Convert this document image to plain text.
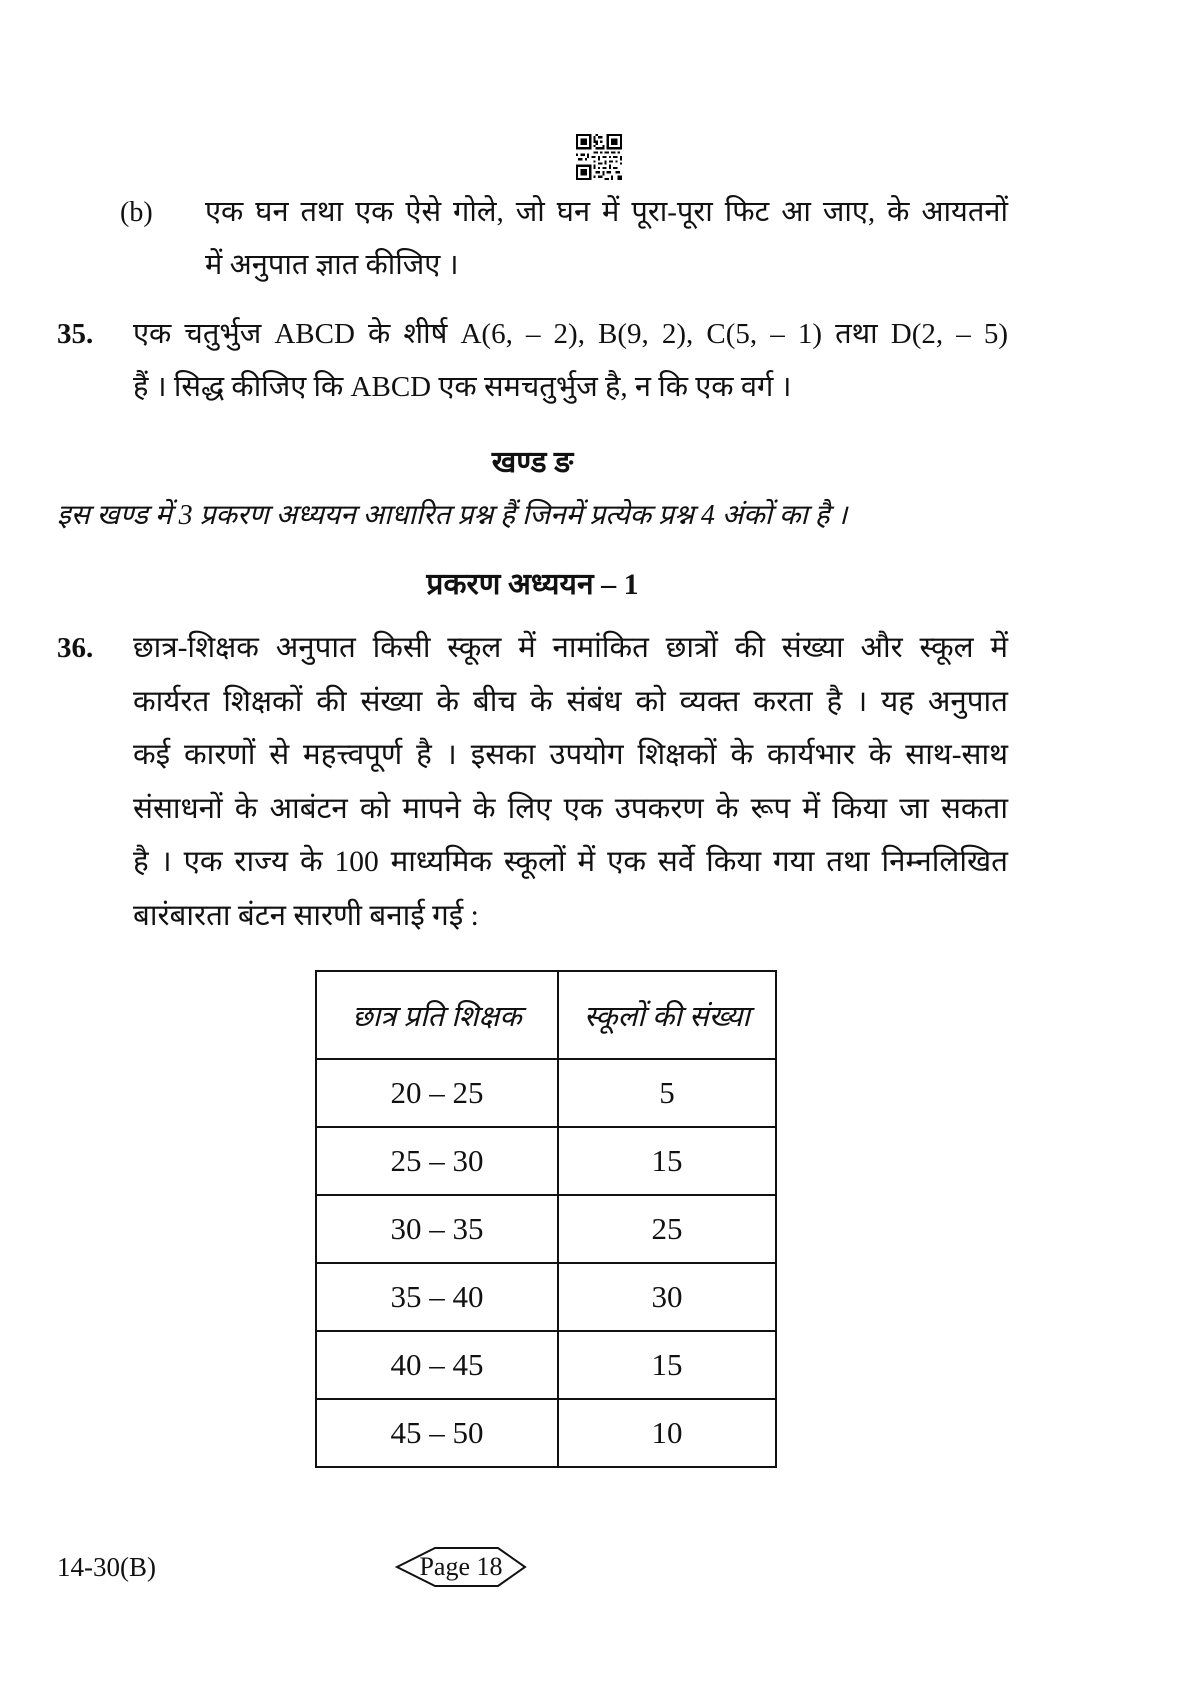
(b)	एक घन तथा एक ऐसे गोले, जो घन में पूरा-पूरा फिट आ जाए, के आयतनों
में अनुपात ज्ञात कीजिए ।
35.	एक चतुर्भुज ABCD के शीर्ष A(6, – 2), B(9, 2), C(5, – 1) तथा D(2, – 5)
हैं । सिद्ध कीजिए कि ABCD एक समचतुर्भुज है, न कि एक वर्ग ।
खण्ड ङ
इस खण्ड में 3 प्रकरण अध्ययन आधारित प्रश्न हैं जिनमें प्रत्येक प्रश्न 4 अंकों का है ।
प्रकरण अध्ययन – 1
36.	छात्र-शिक्षक अनुपात किसी स्कूल में नामांकित छात्रों की संख्या और स्कूल में
कार्यरत शिक्षकों की संख्या के बीच के संबंध को व्यक्त करता है । यह अनुपात
कई कारणों से महत्त्वपूर्ण है । इसका उपयोग शिक्षकों के कार्यभार के साथ-साथ
संसाधनों के आबंटन को मापने के लिए एक उपकरण के रूप में किया जा सकता
है । एक राज्य के 100 माध्यमिक स्कूलों में एक सर्वे किया गया तथा निम्नलिखित
बारंबारता बंटन सारणी बनाई गई :
छात्र प्रति शिक्षक	स्कूलों की संख्या
20 – 25	5
25 – 30	15
30 – 35	25
35 – 40	30
40 – 45	15
45 – 50	10
14-30(B)	Page 18
